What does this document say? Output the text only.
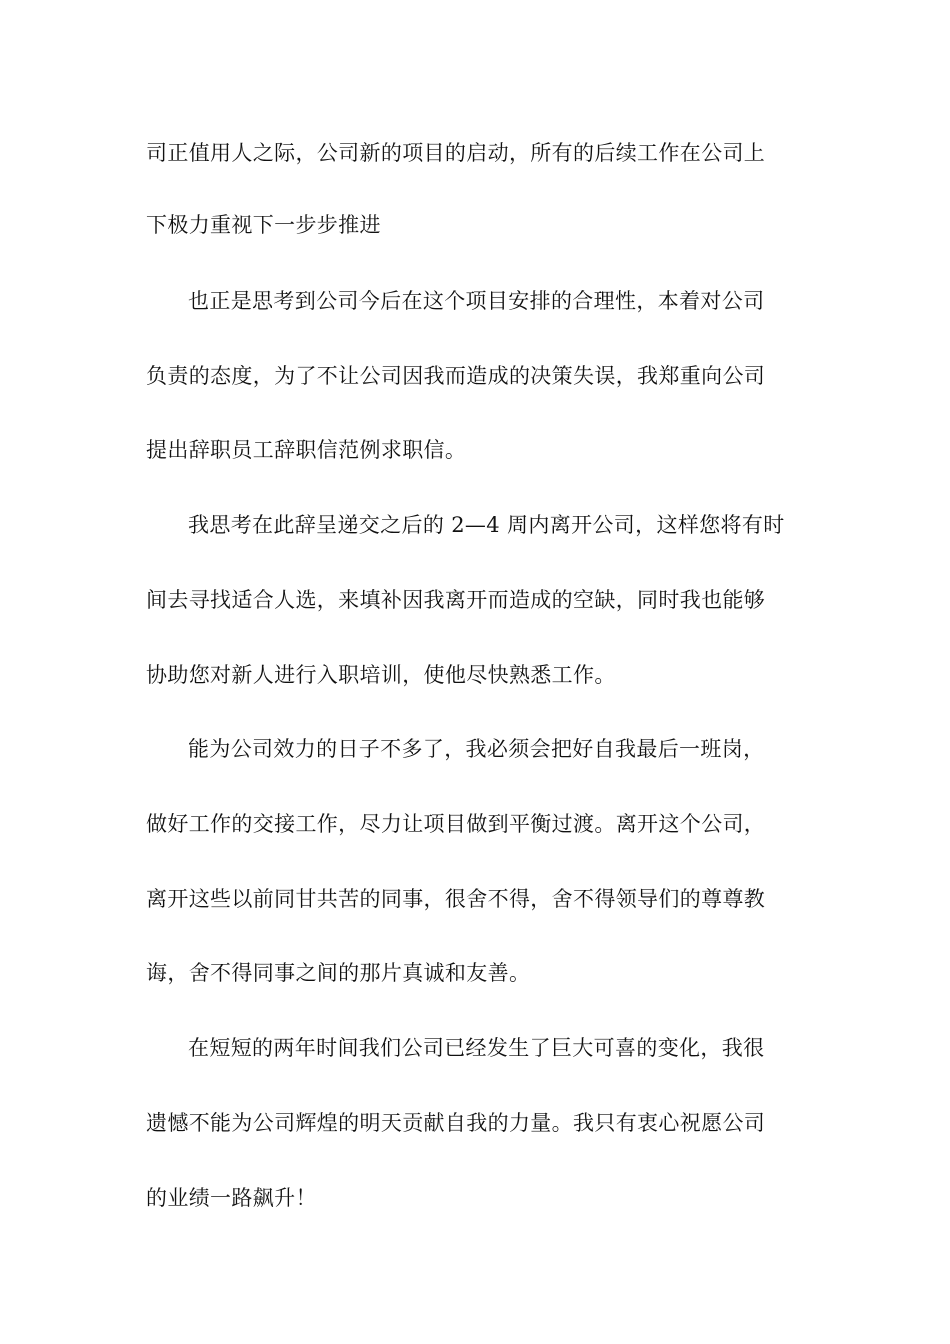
司正值用人之际，公司新的项目的启动，所有的后续工作在公司上
下极力重视下一步步推进
也正是思考到公司今后在这个项目安排的合理性，本着对公司
负责的态度，为了不让公司因我而造成的决策失误，我郑重向公司
提出辞职员工辞职信范例求职信。
我思考在此辞呈递交之后的 2—4 周内离开公司，这样您将有时
间去寻找适合人选，来填补因我离开而造成的空缺，同时我也能够
协助您对新人进行入职培训，使他尽快熟悉工作。
能为公司效力的日子不多了，我必须会把好自我最后一班岗，
做好工作的交接工作，尽力让项目做到平衡过渡。离开这个公司，
离开这些以前同甘共苦的同事，很舍不得，舍不得领导们的尊尊教
诲，舍不得同事之间的那片真诚和友善。
在短短的两年时间我们公司已经发生了巨大可喜的变化，我很
遗憾不能为公司辉煌的明天贡献自我的力量。我只有衷心祝愿公司
的业绩一路飙升！
